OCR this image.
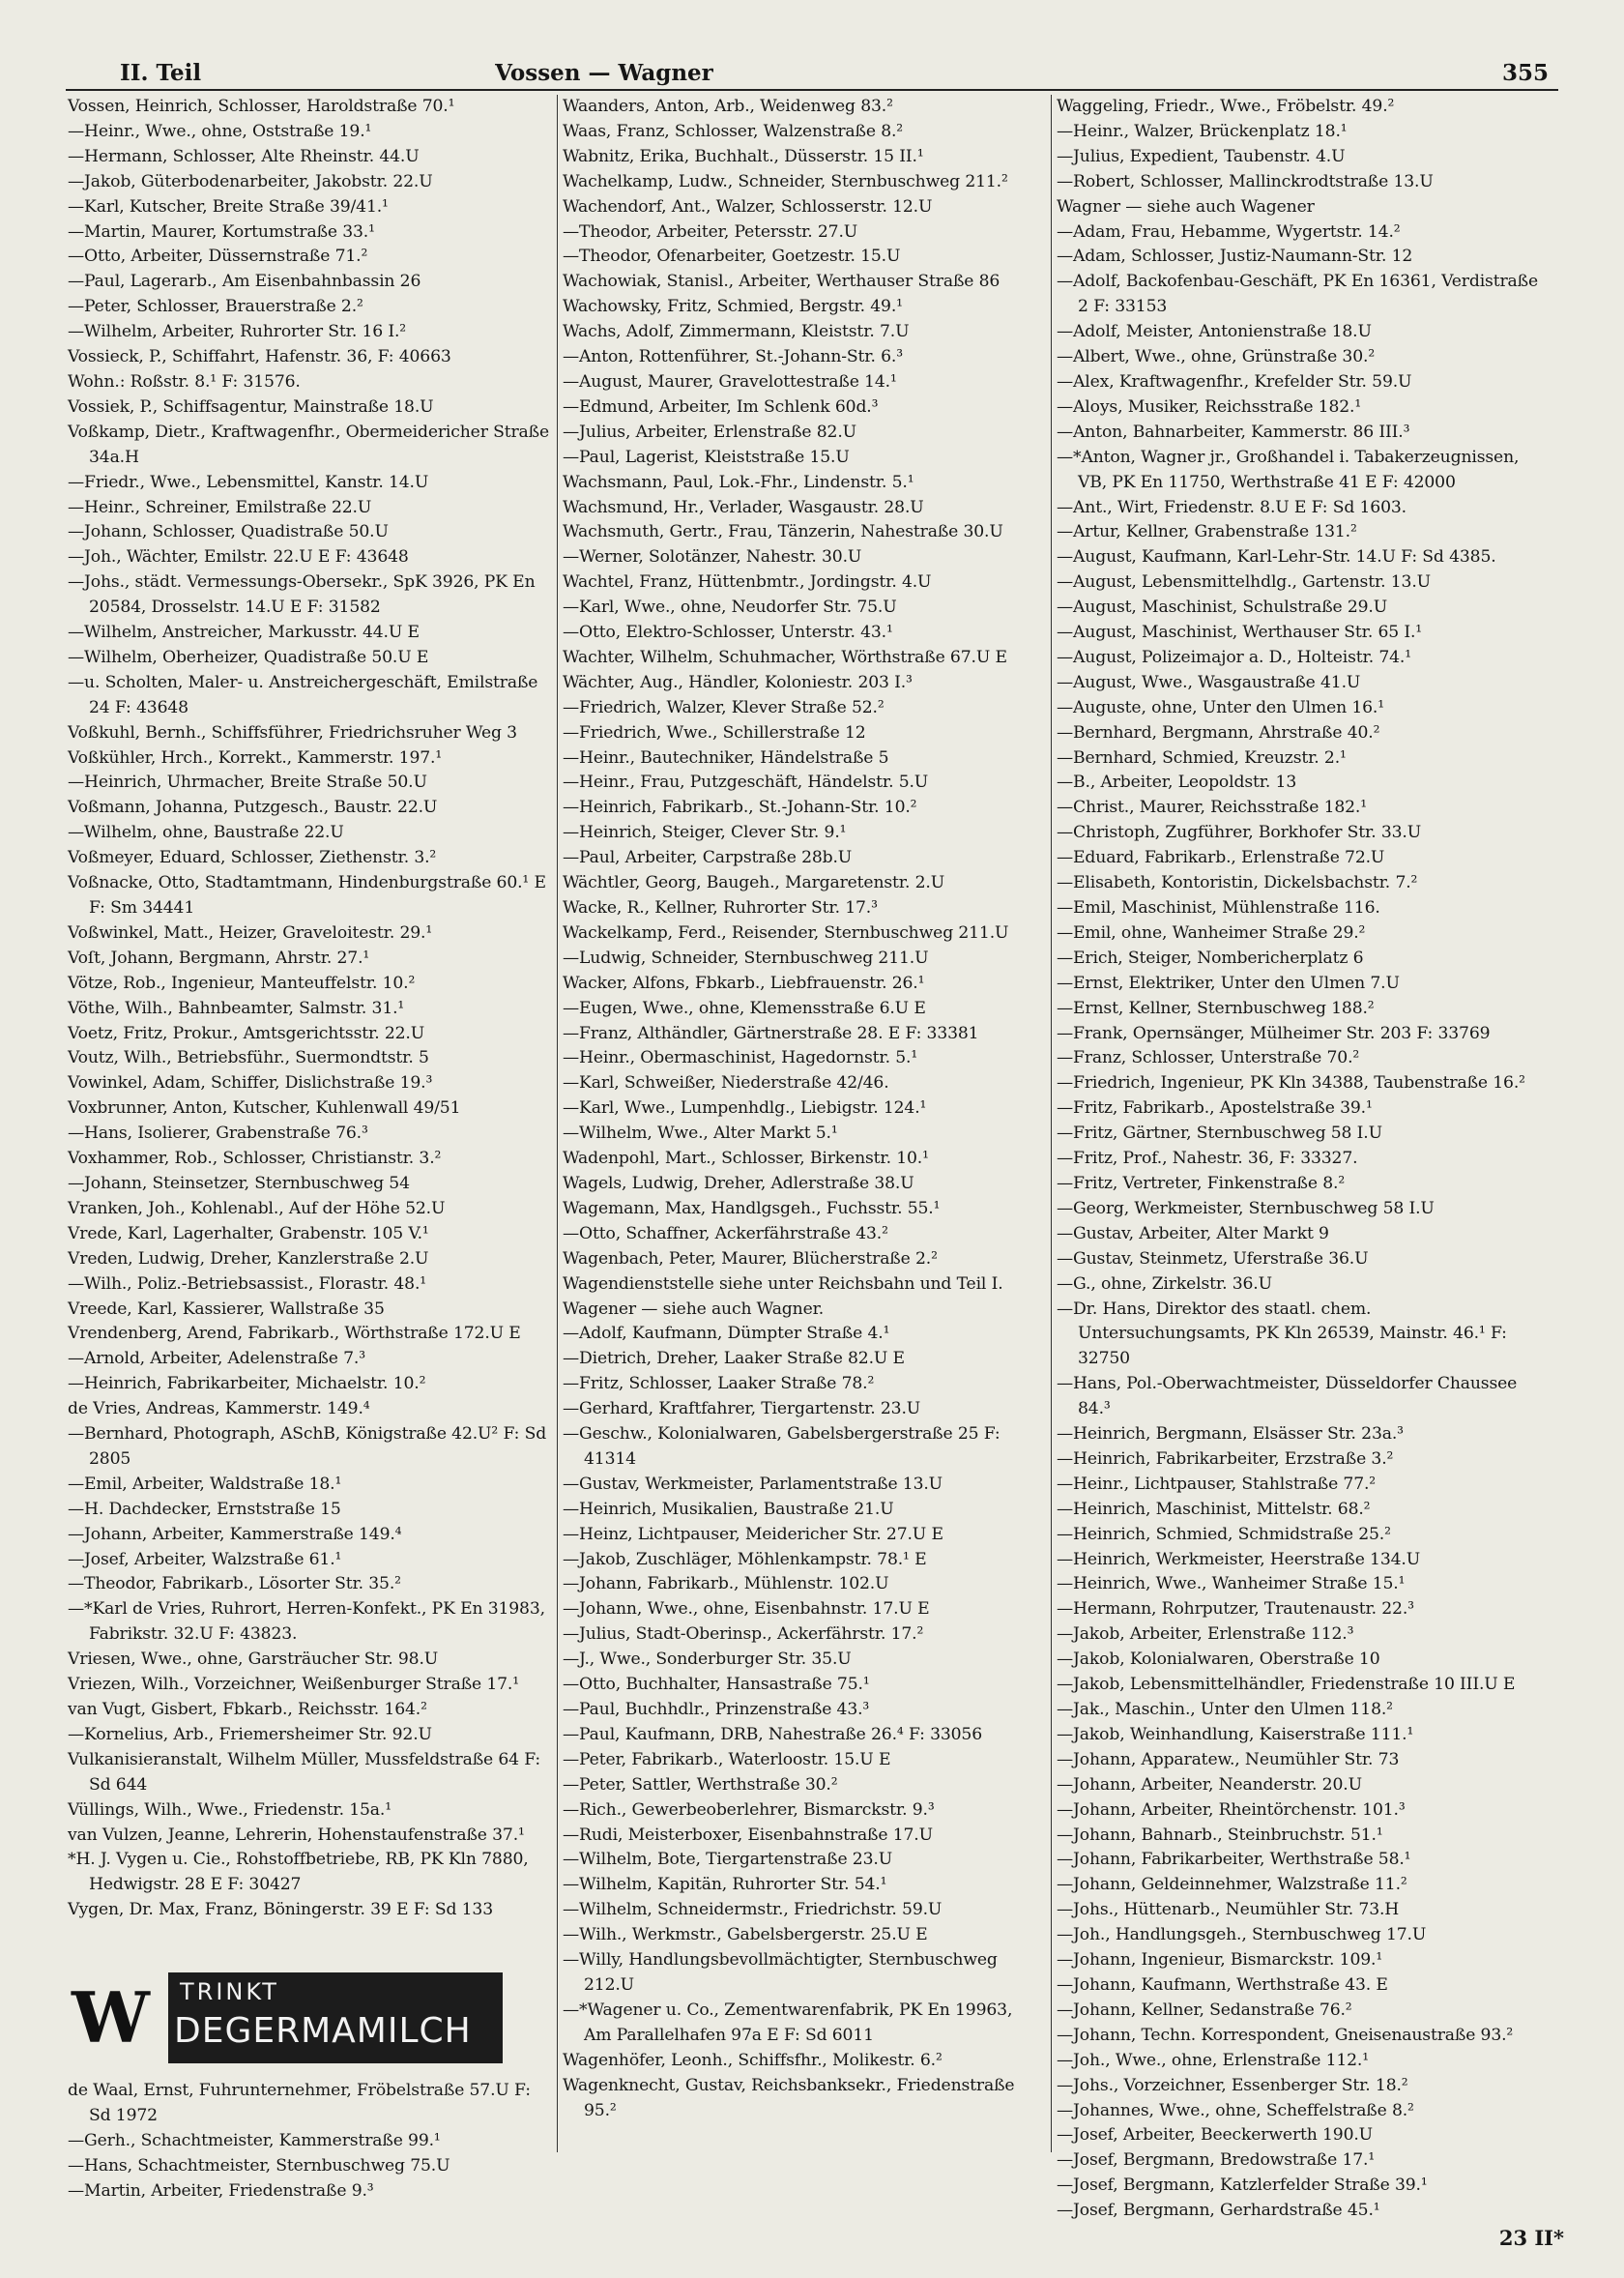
II. Teil	Vossen — Wagner	355
Vossen, Heinrich, Schlosser, Haroldstraße 70.¹
—Heinr., Wwe., ohne, Oststraße 19.¹
—Hermann, Schlosser, Alte Rheinstr. 44.U
—Jakob, Güterbodenarbeiter, Jakobstr. 22.U
—Karl, Kutscher, Breite Straße 39/41.¹
—Martin, Maurer, Kortumstraße 33.¹
—Otto, Arbeiter, Düssernstraße 71.²
—Paul, Lagerarb., Am Eisenbahnbassin 26
—Peter, Schlosser, Brauerstraße 2.²
—Wilhelm, Arbeiter, Ruhrorter Str. 16 I.²
Vossieck, P., Schiffahrt, Hafenstr. 36, F: 40663
Wohn.: Roßstr. 8.¹ F: 31576.
Vossiek, P., Schiffsagentur, Mainstraße 18.U
Voßkamp, Dietr., Kraftwagenfhr., Obermeidericher Straße 34a.H
—Friedr., Wwe., Lebensmittel, Kanstr. 14.U
—Heinr., Schreiner, Emilstraße 22.U
—Johann, Schlosser, Quadistraße 50.U
—Joh., Wächter, Emilstr. 22.U E F: 43648
—Johs., städt. Vermessungs-Obersekr., SpK 3926, PK En 20584, Drosselstr. 14.U E F: 31582
—Wilhelm, Anstreicher, Markusstr. 44.U E
—Wilhelm, Oberheizer, Quadistraße 50.U E
—u. Scholten, Maler- u. Anstreichergeschäft, Emilstraße 24 F: 43648
Voßkuhl, Bernh., Schiffsführer, Friedrichsruher Weg 3
Voßkühler, Hrch., Korrekt., Kammerstr. 197.¹
—Heinrich, Uhrmacher, Breite Straße 50.U
Voßmann, Johanna, Putzgesch., Baustr. 22.U
—Wilhelm, ohne, Baustraße 22.U
Voßmeyer, Eduard, Schlosser, Ziethenstr. 3.²
Voßnacke, Otto, Stadtamtmann, Hindenburgstraße 60.¹ E F: Sm 34441
Voßwinkel, Matt., Heizer, Graveloitestr. 29.¹
Voſt, Johann, Bergmann, Ahrstr. 27.¹
Vötze, Rob., Ingenieur, Manteuffelstr. 10.²
Vöthe, Wilh., Bahnbeamter, Salmstr. 31.¹
Voetz, Fritz, Prokur., Amtsgerichtsstr. 22.U
Voutz, Wilh., Betriebsführ., Suermondtstr. 5
Vowinkel, Adam, Schiffer, Dislichstraße 19.³
Voxbrunner, Anton, Kutscher, Kuhlenwall 49/51
—Hans, Isolierer, Grabenstraße 76.³
Voxhammer, Rob., Schlosser, Christianstr. 3.²
—Johann, Steinsetzer, Sternbuschweg 54
Vranken, Joh., Kohlenabl., Auf der Höhe 52.U
Vrede, Karl, Lagerhalter, Grabenstr. 105 V.¹
Vreden, Ludwig, Dreher, Kanzlerstraße 2.U
—Wilh., Poliz.-Betriebsassist., Florastr. 48.¹
Vreede, Karl, Kassierer, Wallstraße 35
Vrendenberg, Arend, Fabrikarb., Wörthstraße 172.U E
—Arnold, Arbeiter, Adelenstraße 7.³
—Heinrich, Fabrikarbeiter, Michaelstr. 10.²
de Vries, Andreas, Kammerstr. 149.⁴
—Bernhard, Photograph, ASchB, Königstraße 42.U² F: Sd 2805
—Emil, Arbeiter, Waldstraße 18.¹
—H. Dachdecker, Ernststraße 15
—Johann, Arbeiter, Kammerstraße 149.⁴
—Josef, Arbeiter, Walzstraße 61.¹
—Theodor, Fabrikarb., Lösorter Str. 35.²
—*Karl de Vries, Ruhrort, Herren-Konfekt., PK En 31983, Fabrikstr. 32.U F: 43823.
Vriesen, Wwe., ohne, Garsträucher Str. 98.U
Vriezen, Wilh., Vorzeichner, Weißenburger Straße 17.¹
van Vugt, Gisbert, Fbkarb., Reichsstr. 164.²
—Kornelius, Arb., Friemersheimer Str. 92.U
Vulkanisieranstalt, Wilhelm Müller, Mussfeldstraße 64 F: Sd 644
Vüllings, Wilh., Wwe., Friedenstr. 15a.¹
van Vulzen, Jeanne, Lehrerin, Hohenstaufenstraße 37.¹
*H. J. Vygen u. Cie., Rohstoffbetriebe, RB, PK Kln 7880, Hedwigstr. 28 E F: 30427
Vygen, Dr. Max, Franz, Böningerstr. 39 E F: Sd 133
Waanders, Anton, Arb., Weidenweg 83.²
Waas, Franz, Schlosser, Walzenstraße 8.²
Wabnitz, Erika, Buchhalt., Düsserstr. 15 II.¹
Wachelkamp, Ludw., Schneider, Sternbuschweg 211.²
Wachendorf, Ant., Walzer, Schlosserstr. 12.U
—Theodor, Arbeiter, Petersstr. 27.U
—Theodor, Ofenarbeiter, Goetzestr. 15.U
Wachowiak, Stanisl., Arbeiter, Werthauser Straße 86
Wachowsky, Fritz, Schmied, Bergstr. 49.¹
Wachs, Adolf, Zimmermann, Kleiststr. 7.U
—Anton, Rottenführer, St.-Johann-Str. 6.³
—August, Maurer, Gravelottestraße 14.¹
—Edmund, Arbeiter, Im Schlenk 60d.³
—Julius, Arbeiter, Erlenstraße 82.U
—Paul, Lagerist, Kleiststraße 15.U
Wachsmann, Paul, Lok.-Fhr., Lindenstr. 5.¹
Wachsmund, Hr., Verlader, Wasgaustr. 28.U
Wachsmuth, Gertr., Frau, Tänzerin, Nahestraße 30.U
—Werner, Solotänzer, Nahestr. 30.U
Wachtel, Franz, Hüttenbmtr., Jordingstr. 4.U
—Karl, Wwe., ohne, Neudorfer Str. 75.U
—Otto, Elektro-Schlosser, Unterstr. 43.¹
Wachter, Wilhelm, Schuhmacher, Wörthstraße 67.U E
Wächter, Aug., Händler, Koloniestr. 203 I.³
—Friedrich, Walzer, Klever Straße 52.²
—Friedrich, Wwe., Schillerstraße 12
—Heinr., Bautechniker, Händelstraße 5
—Heinr., Frau, Putzgeschäft, Händelstr. 5.U
—Heinrich, Fabrikarb., St.-Johann-Str. 10.²
—Heinrich, Steiger, Clever Str. 9.¹
—Paul, Arbeiter, Carpstraße 28b.U
Wächtler, Georg, Baugeh., Margaretenstr. 2.U
Wacke, R., Kellner, Ruhrorter Str. 17.³
Wackelkamp, Ferd., Reisender, Sternbuschweg 211.U
—Ludwig, Schneider, Sternbuschweg 211.U
Wacker, Alfons, Fbkarb., Liebfrauenstr. 26.¹
—Eugen, Wwe., ohne, Klemensstraße 6.U E
—Franz, Althändler, Gärtnerstraße 28. E F: 33381
—Heinr., Obermaschinist, Hagedornstr. 5.¹
—Karl, Schweißer, Niederstraße 42/46.
—Karl, Wwe., Lumpenhdlg., Liebigstr. 124.¹
—Wilhelm, Wwe., Alter Markt 5.¹
Wadenpohl, Mart., Schlosser, Birkenstr. 10.¹
Wagels, Ludwig, Dreher, Adlerstraße 38.U
Wagemann, Max, Handlgsgeh., Fuchsstr. 55.¹
—Otto, Schaffner, Ackerfährstraße 43.²
Wagenbach, Peter, Maurer, Blücherstraße 2.²
Wagendienststelle siehe unter Reichsbahn und Teil I.
Wagener — siehe auch Wagner.
—Adolf, Kaufmann, Dümpter Straße 4.¹
—Dietrich, Dreher, Laaker Straße 82.U E
—Fritz, Schlosser, Laaker Straße 78.²
—Gerhard, Kraftfahrer, Tiergartenstr. 23.U
—Geschw., Kolonialwaren, Gabelsbergerstraße 25 F: 41314
—Gustav, Werkmeister, Parlamentstraße 13.U
—Heinrich, Musikalien, Baustraße 21.U
—Heinz, Lichtpauser, Meidericher Str. 27.U E
—Jakob, Zuschläger, Möhlenkampstr. 78.¹ E
—Johann, Fabrikarb., Mühlenstr. 102.U
—Johann, Wwe., ohne, Eisenbahnstr. 17.U E
—Julius, Stadt-Oberinsp., Ackerfährstr. 17.²
—J., Wwe., Sonderburger Str. 35.U
—Otto, Buchhalter, Hansastraße 75.¹
—Paul, Buchhdlr., Prinzenstraße 43.³
—Paul, Kaufmann, DRB, Nahestraße 26.⁴ F: 33056
—Peter, Fabrikarb., Waterloostr. 15.U E
—Peter, Sattler, Werthstraße 30.²
—Rich., Gewerbeoberlehrer, Bismarckstr. 9.³
—Rudi, Meisterboxer, Eisenbahnstraße 17.U
—Wilhelm, Bote, Tiergartenstraße 23.U
—Wilhelm, Kapitän, Ruhrorter Str. 54.¹
—Wilhelm, Schneidermstr., Friedrichstr. 59.U
—Wilh., Werkmstr., Gabelsbergerstr. 25.U E
—Willy, Handlungsbevollmächtigter, Sternbuschweg 212.U
—*Wagener u. Co., Zementwarenfabrik, PK En 19963, Am Parallelhafen 97a E F: Sd 6011
Wagenhöfer, Leonh., Schiffsfhr., Molikestr. 6.²
Wagenknecht, Gustav, Reichsbanksekr., Friedenstraße 95.²
Waggeling, Friedr., Wwe., Fröbelstr. 49.²
—Heinr., Walzer, Brückenplatz 18.¹
—Julius, Expedient, Taubenstr. 4.U
—Robert, Schlosser, Mallinckrodtstraße 13.U
Wagner — siehe auch Wagener
—Adam, Frau, Hebamme, Wygertstr. 14.²
—Adam, Schlosser, Justiz-Naumann-Str. 12
—Adolf, Backofenbau-Geschäft, PK En 16361, Verdistraße 2 F: 33153
—Adolf, Meister, Antonienstraße 18.U
—Albert, Wwe., ohne, Grünstraße 30.²
—Alex, Kraftwagenfhr., Krefelder Str. 59.U
—Aloys, Musiker, Reichsstraße 182.¹
—Anton, Bahnarbeiter, Kammerstr. 86 III.³
—*Anton, Wagner jr., Großhandel i. Tabakerzeugnissen, VB, PK En 11750, Werthstraße 41 E F: 42000
—Ant., Wirt, Friedenstr. 8.U E F: Sd 1603.
—Artur, Kellner, Grabenstraße 131.²
—August, Kaufmann, Karl-Lehr-Str. 14.U F: Sd 4385.
—August, Lebensmittelhdlg., Gartenstr. 13.U
—August, Maschinist, Schulstraße 29.U
—August, Maschinist, Werthauser Str. 65 I.¹
—August, Polizeimajor a. D., Holteistr. 74.¹
—August, Wwe., Wasgaustraße 41.U
—Auguste, ohne, Unter den Ulmen 16.¹
—Bernhard, Bergmann, Ahrstraße 40.²
—Bernhard, Schmied, Kreuzstr. 2.¹
—B., Arbeiter, Leopoldstr. 13
—Christ., Maurer, Reichsstraße 182.¹
—Christoph, Zugführer, Borkhofer Str. 33.U
—Eduard, Fabrikarb., Erlenstraße 72.U
—Elisabeth, Kontoristin, Dickelsbachstr. 7.²
—Emil, Maschinist, Mühlenstraße 116.
—Emil, ohne, Wanheimer Straße 29.²
—Erich, Steiger, Nombericherplatz 6
—Ernst, Elektriker, Unter den Ulmen 7.U
—Ernst, Kellner, Sternbuschweg 188.²
—Frank, Opernsänger, Mülheimer Str. 203 F: 33769
—Franz, Schlosser, Unterstraße 70.²
—Friedrich, Ingenieur, PK Kln 34388, Taubenstraße 16.²
—Fritz, Fabrikarb., Apostelstraße 39.¹
—Fritz, Gärtner, Sternbuschweg 58 I.U
—Fritz, Prof., Nahestr. 36, F: 33327.
—Fritz, Vertreter, Finkenstraße 8.²
—Georg, Werkmeister, Sternbuschweg 58 I.U
—Gustav, Arbeiter, Alter Markt 9
—Gustav, Steinmetz, Uferstraße 36.U
—G., ohne, Zirkelstr. 36.U
—Dr. Hans, Direktor des staatl. chem. Untersuchungsamts, PK Kln 26539, Mainstr. 46.¹ F: 32750
—Hans, Pol.-Oberwachtmeister, Düsseldorfer Chaussee 84.³
—Heinrich, Bergmann, Elsässer Str. 23a.³
—Heinrich, Fabrikarbeiter, Erzstraße 3.²
—Heinr., Lichtpauser, Stahlstraße 77.²
—Heinrich, Maschinist, Mittelstr. 68.²
—Heinrich, Schmied, Schmidstraße 25.²
—Heinrich, Werkmeister, Heerstraße 134.U
—Heinrich, Wwe., Wanheimer Straße 15.¹
—Hermann, Rohrputzer, Trautenaustr. 22.³
—Jakob, Arbeiter, Erlenstraße 112.³
—Jakob, Kolonialwaren, Oberstraße 10
—Jakob, Lebensmittelhändler, Friedenstraße 10 III.U E
—Jak., Maschin., Unter den Ulmen 118.²
—Jakob, Weinhandlung, Kaiserstraße 111.¹
—Johann, Apparatew., Neumühler Str. 73
—Johann, Arbeiter, Neanderstr. 20.U
—Johann, Arbeiter, Rheintörchenstr. 101.³
—Johann, Bahnarb., Steinbruchstr. 51.¹
—Johann, Fabrikarbeiter, Werthstraße 58.¹
—Johann, Geldeinnehmer, Walzstraße 11.²
—Johs., Hüttenarb., Neumühler Str. 73.H
—Joh., Handlungsgeh., Sternbuschweg 17.U
—Johann, Ingenieur, Bismarckstr. 109.¹
—Johann, Kaufmann, Werthstraße 43. E
—Johann, Kellner, Sedanstraße 76.²
—Johann, Techn. Korrespondent, Gneisenaustraße 93.²
—Joh., Wwe., ohne, Erlenstraße 112.¹
—Johs., Vorzeichner, Essenberger Str. 18.²
—Johannes, Wwe., ohne, Scheffelstraße 8.²
—Josef, Arbeiter, Beeckerwerth 190.U
—Josef, Bergmann, Bredowstraße 17.¹
—Josef, Bergmann, Katzlerfelder Straße 39.¹
—Josef, Bergmann, Gerhardstraße 45.¹
W TRINKT
DEGERMAMILCH
de Waal, Ernst, Fuhrunternehmer, Fröbelstraße 57.U F: Sd 1972
—Gerh., Schachtmeister, Kammerstraße 99.¹
—Hans, Schachtmeister, Sternbuschweg 75.U
—Martin, Arbeiter, Friedenstraße 9.³
23 II*
